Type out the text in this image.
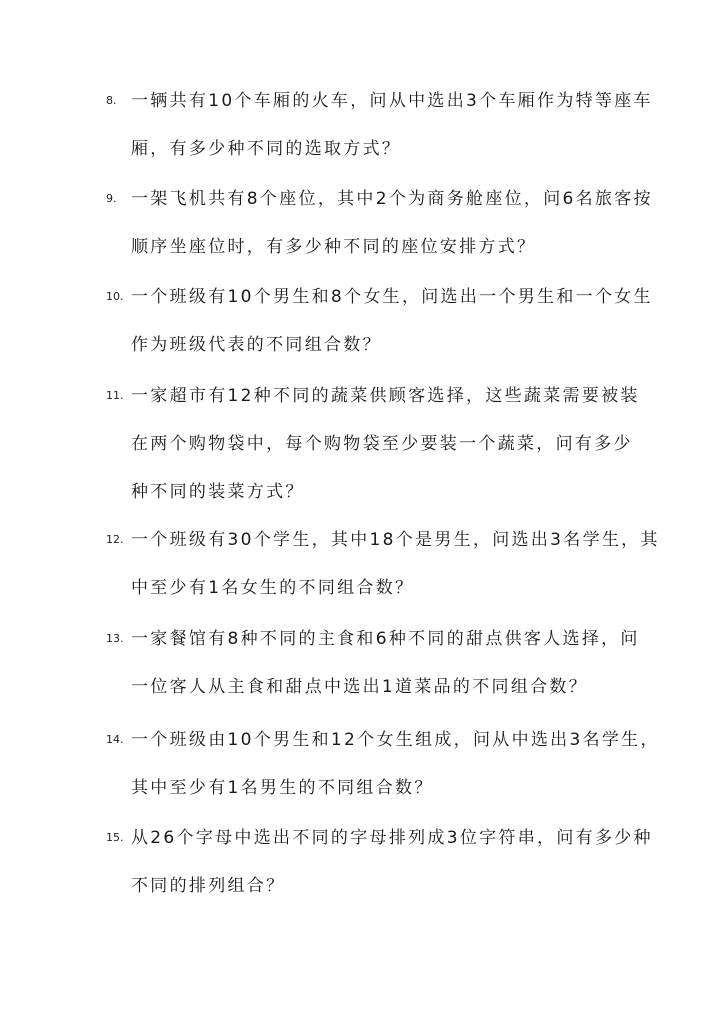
8. 一辆共有10个车厢的火车，问从中选出3个车厢作为特等座车
厢，有多少种不同的选取方式？
9. 一架飞机共有8个座位，其中2个为商务舱座位，问6名旅客按
顺序坐座位时，有多少种不同的座位安排方式？
10. 一个班级有10个男生和8个女生，问选出一个男生和一个女生
作为班级代表的不同组合数？
11. 一家超市有12种不同的蔬菜供顾客选择，这些蔬菜需要被装
在两个购物袋中，每个购物袋至少要装一个蔬菜，问有多少
种不同的装菜方式？
12. 一个班级有30个学生，其中18个是男生，问选出3名学生，其
中至少有1名女生的不同组合数？
13. 一家餐馆有8种不同的主食和6种不同的甜点供客人选择，问
一位客人从主食和甜点中选出1道菜品的不同组合数？
14. 一个班级由10个男生和12个女生组成，问从中选出3名学生，
其中至少有1名男生的不同组合数？
15. 从26个字母中选出不同的字母排列成3位字符串，问有多少种
不同的排列组合？
